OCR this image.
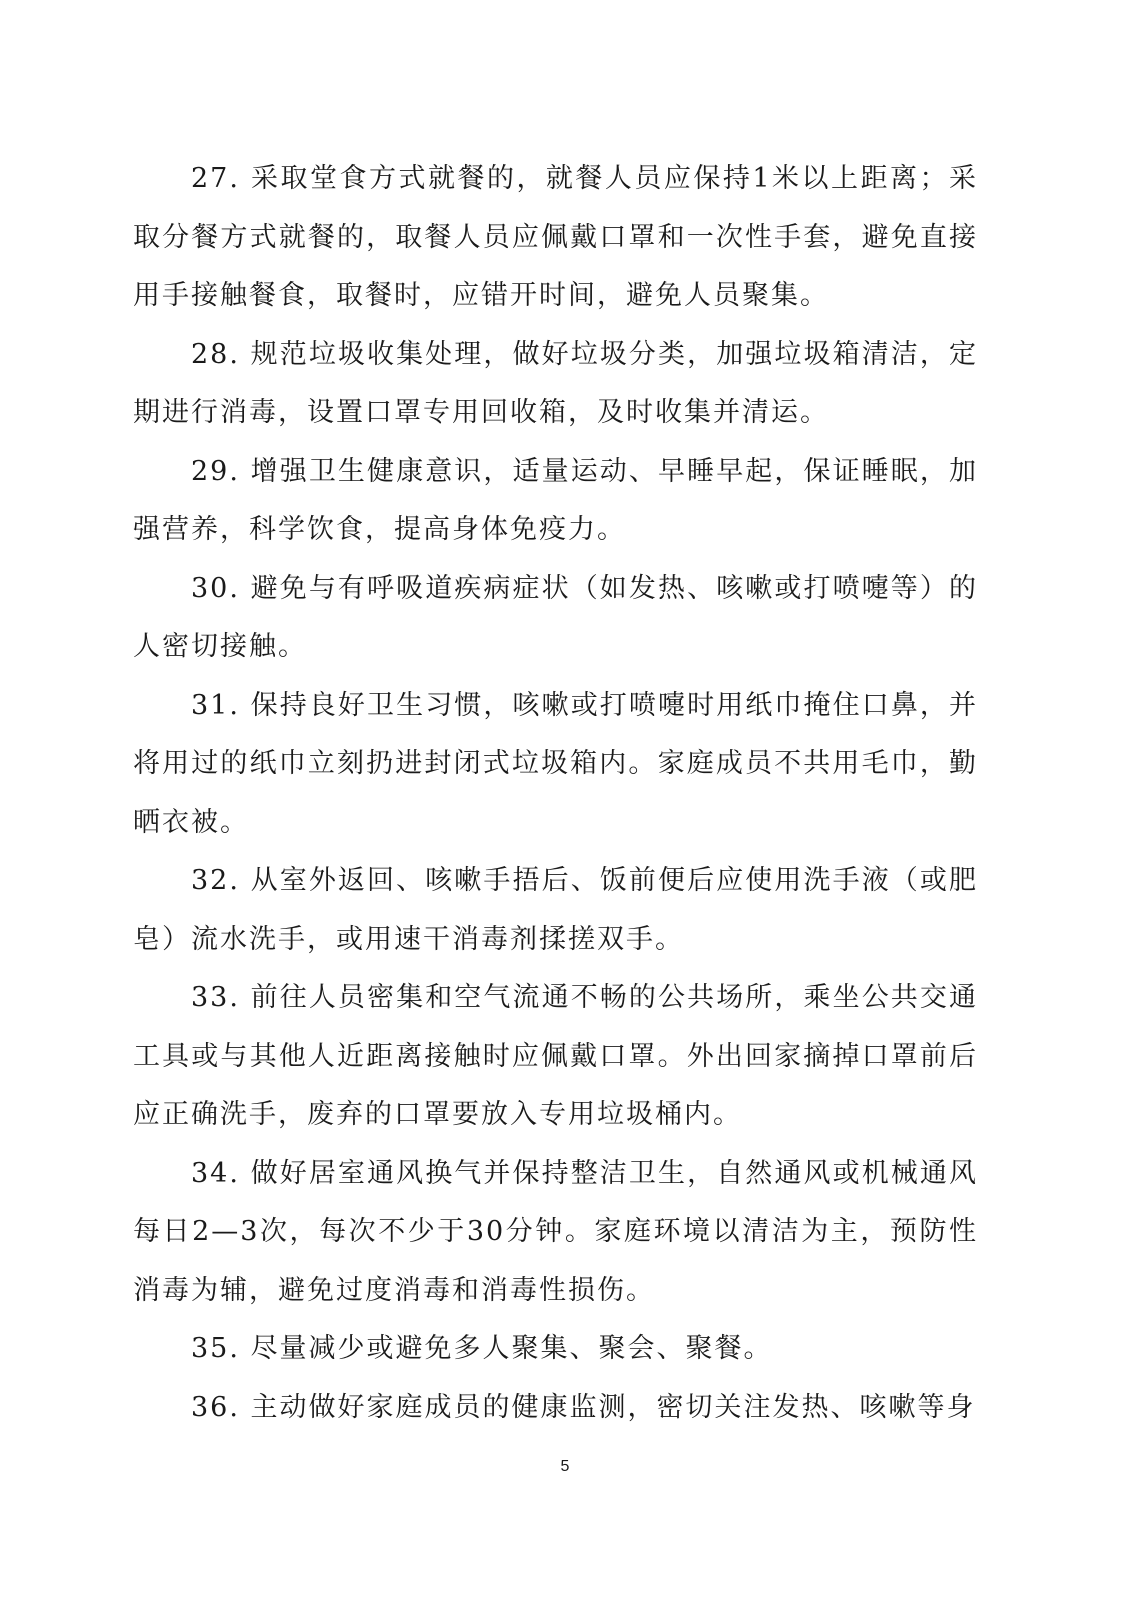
27. 采取堂食方式就餐的，就餐人员应保持1米以上距离；采取分餐方式就餐的，取餐人员应佩戴口罩和一次性手套，避免直接用手接触餐食，取餐时，应错开时间，避免人员聚集。

28. 规范垃圾收集处理，做好垃圾分类，加强垃圾箱清洁，定期进行消毒，设置口罩专用回收箱，及时收集并清运。

29. 增强卫生健康意识，适量运动、早睡早起，保证睡眠，加强营养，科学饮食，提高身体免疫力。

30. 避免与有呼吸道疾病症状（如发热、咳嗽或打喷嚏等）的人密切接触。

31. 保持良好卫生习惯，咳嗽或打喷嚏时用纸巾掩住口鼻，并将用过的纸巾立刻扔进封闭式垃圾箱内。家庭成员不共用毛巾，勤晒衣被。

32. 从室外返回、咳嗽手捂后、饭前便后应使用洗手液（或肥皂）流水洗手，或用速干消毒剂揉搓双手。

33. 前往人员密集和空气流通不畅的公共场所，乘坐公共交通工具或与其他人近距离接触时应佩戴口罩。外出回家摘掉口罩前后应正确洗手，废弃的口罩要放入专用垃圾桶内。

34. 做好居室通风换气并保持整洁卫生，自然通风或机械通风每日2—3次，每次不少于30分钟。家庭环境以清洁为主，预防性消毒为辅，避免过度消毒和消毒性损伤。

35. 尽量减少或避免多人聚集、聚会、聚餐。

36. 主动做好家庭成员的健康监测，密切关注发热、咳嗽等身

5
